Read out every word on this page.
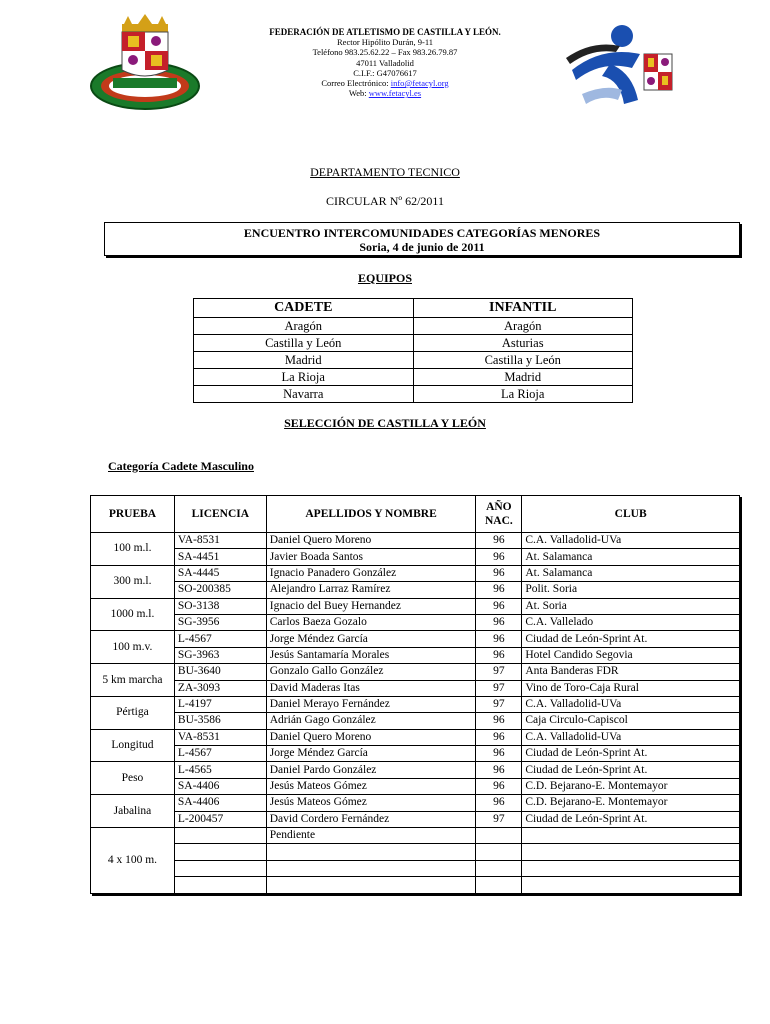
FEDERACIÓN DE ATLETISMO DE CASTILLA Y LEÓN.
Rector Hipólito Durán, 9-11
Teléfono 983.25.62.22 – Fax 983.26.79.87
47011 Valladolid
C.I.F.: G47076617
Correo Electrónico: info@fetacyl.org
Web: www.fetacyl.es
DEPARTAMENTO TECNICO
CIRCULAR Nº 62/2011
ENCUENTRO INTERCOMUNIDADES CATEGORÍAS MENORES
Soria, 4 de junio de 2011
EQUIPOS
CADETE	INFANTIL
Aragón	Aragón
Castilla y León	Asturias
Madrid	Castilla y León
La Rioja	Madrid
Navarra	La Rioja
SELECCIÓN DE CASTILLA Y LEÓN
Categoría Cadete Masculino
PRUEBA	LICENCIA	APELLIDOS Y NOMBRE	AÑO NAC.	CLUB
100 m.l.	VA-8531	Daniel Quero Moreno	96	C.A. Valladolid-UVa
	SA-4451	Javier Boada Santos	96	At. Salamanca
300 m.l.	SA-4445	Ignacio Panadero González	96	At. Salamanca
	SO-200385	Alejandro Larraz Ramírez	96	Polit. Soria
1000 m.l.	SO-3138	Ignacio del Buey Hernandez	96	At. Soria
	SG-3956	Carlos Baeza Gozalo	96	C.A. Vallelado
100 m.v.	L-4567	Jorge Méndez García	96	Ciudad de León-Sprint At.
	SG-3963	Jesús Santamaría Morales	96	Hotel Candido Segovia
5 km marcha	BU-3640	Gonzalo Gallo González	97	Anta Banderas FDR
	ZA-3093	David Maderas Itas	97	Vino de Toro-Caja Rural
Pértiga	L-4197	Daniel Merayo Fernández	97	C.A. Valladolid-UVa
	BU-3586	Adrián Gago González	96	Caja Circulo-Capiscol
Longitud	VA-8531	Daniel Quero Moreno	96	C.A. Valladolid-UVa
	L-4567	Jorge Méndez García	96	Ciudad de León-Sprint At.
Peso	L-4565	Daniel Pardo González	96	Ciudad de León-Sprint At.
	SA-4406	Jesús Mateos Gómez	96	C.D. Bejarano-E. Montemayor
Jabalina	SA-4406	Jesús Mateos Gómez	96	C.D. Bejarano-E. Montemayor
	L-200457	David Cordero Fernández	97	Ciudad de León-Sprint At.
4 x 100 m.		Pendiente		
